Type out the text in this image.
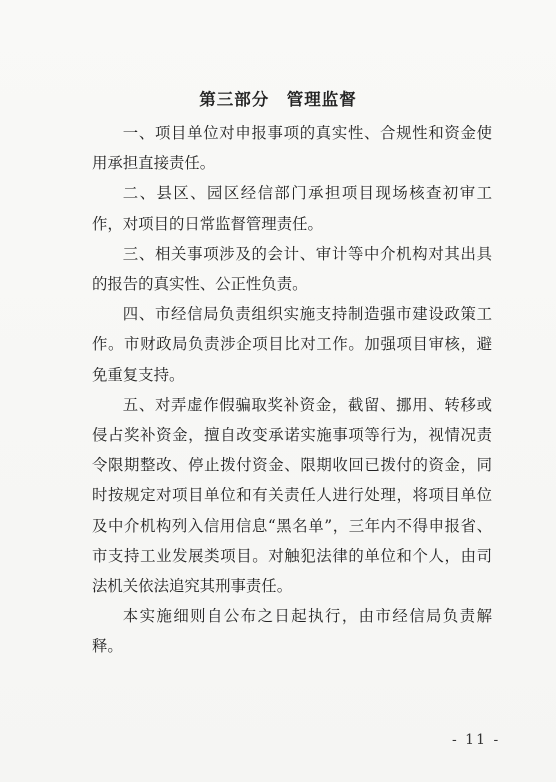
第三部分　管理监督

一、项目单位对申报事项的真实性、合规性和资金使用承担直接责任。

二、县区、园区经信部门承担项目现场核查初审工作，对项目的日常监督管理责任。

三、相关事项涉及的会计、审计等中介机构对其出具的报告的真实性、公正性负责。

四、市经信局负责组织实施支持制造强市建设政策工作。市财政局负责涉企项目比对工作。加强项目审核，避免重复支持。

五、对弄虚作假骗取奖补资金，截留、挪用、转移或侵占奖补资金，擅自改变承诺实施事项等行为，视情况责令限期整改、停止拨付资金、限期收回已拨付的资金，同时按规定对项目单位和有关责任人进行处理，将项目单位及中介机构列入信用信息“黑名单”，三年内不得申报省、市支持工业发展类项目。对触犯法律的单位和个人，由司法机关依法追究其刑事责任。

本实施细则自公布之日起执行，由市经信局负责解释。

- 11 -
